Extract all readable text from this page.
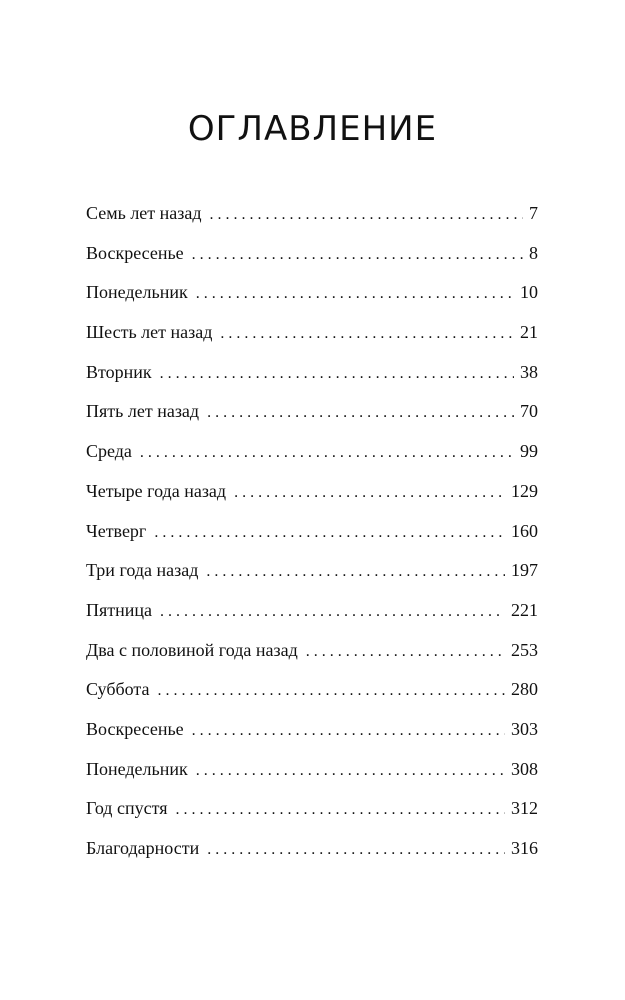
ОГЛАВЛЕНИЕ
Семь лет назад . . .	7
Воскресенье . . .	8
Понедельник . . .	10
Шесть лет назад . . .	21
Вторник . . .	38
Пять лет назад . . .	70
Среда . . .	99
Четыре года назад . . .	129
Четверг . . .	160
Три года назад . . .	197
Пятница . . .	221
Два с половиной года назад . . .	253
Суббота . . .	280
Воскресенье . . .	303
Понедельник . . .	308
Год спустя . . .	312
Благодарности . . .	316
